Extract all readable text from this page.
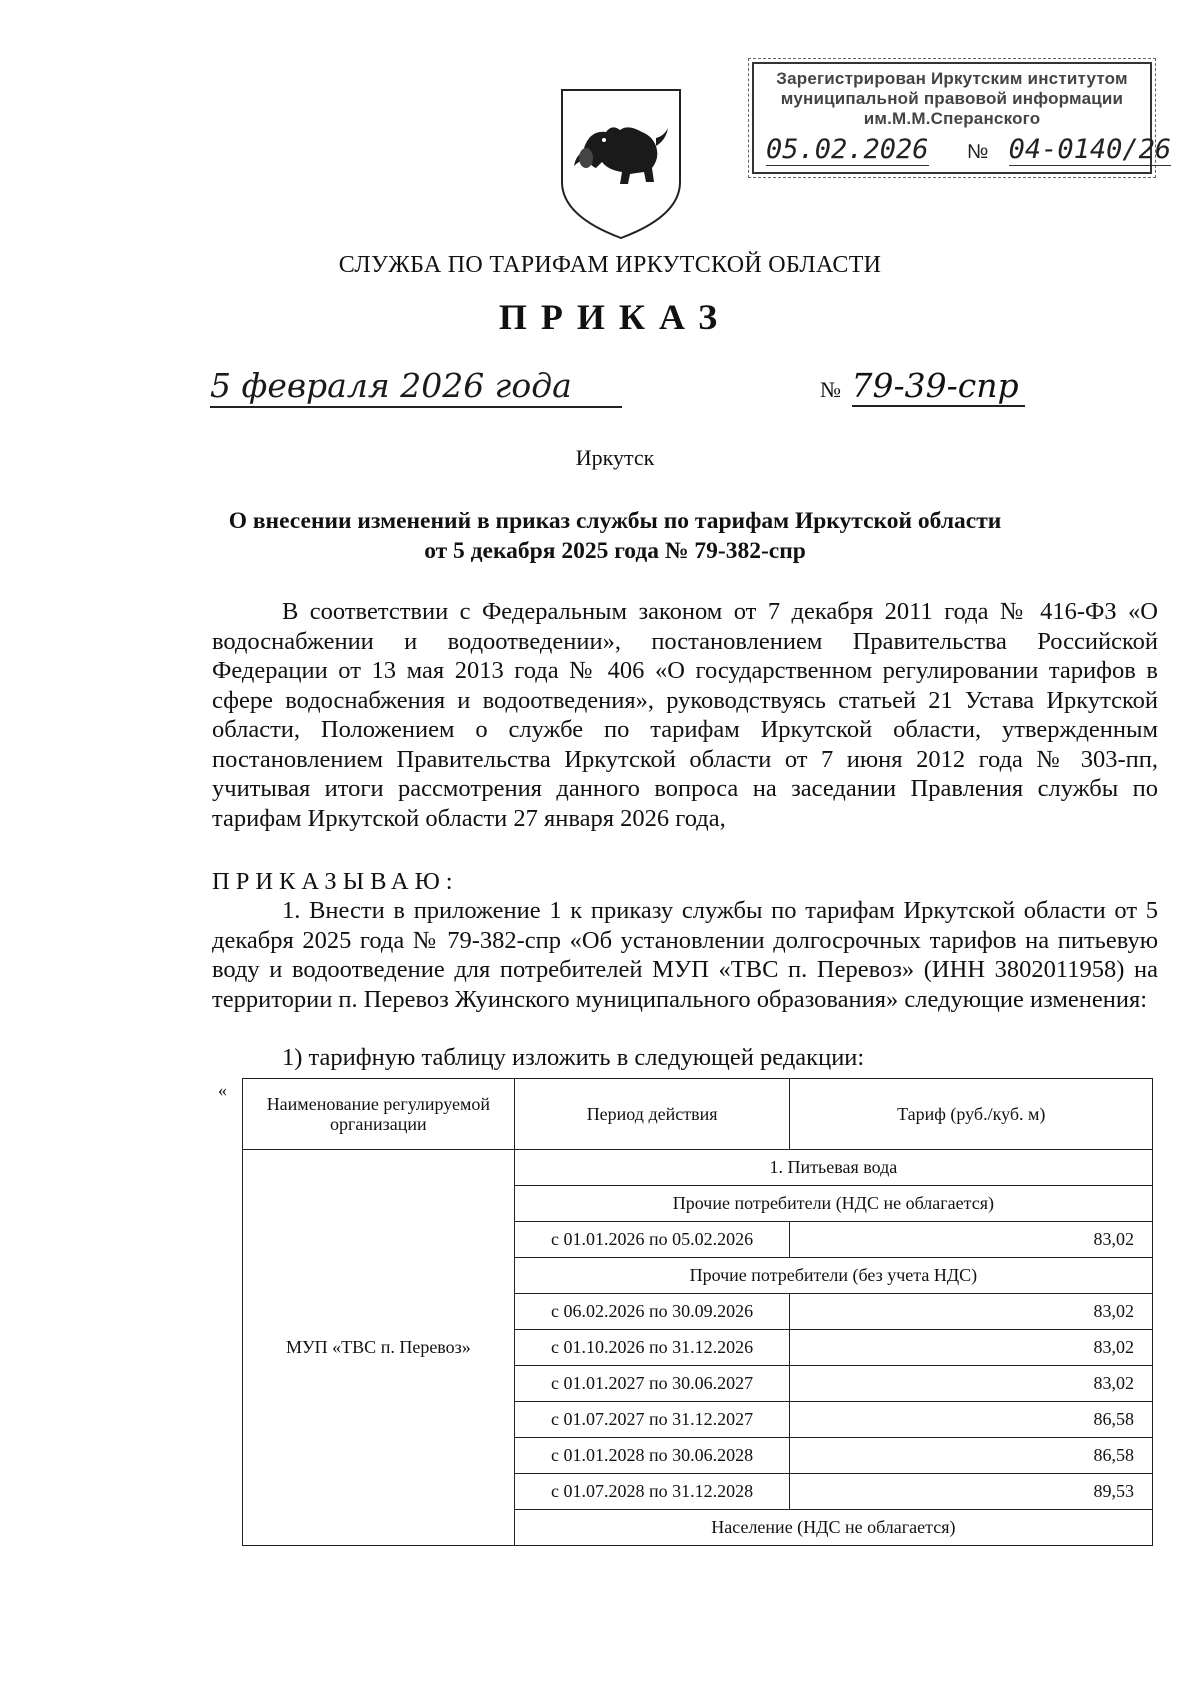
Зарегистрирован Иркутским институтом
муниципальной правовой информации
им.М.М.Сперанского
05.02.2026 № 04-0140/26
СЛУЖБА ПО ТАРИФАМ ИРКУТСКОЙ ОБЛАСТИ
ПРИКАЗ
5 февраля 2026 года	№ 79-39-спр
Иркутск
О внесении изменений в приказ службы по тарифам Иркутской области
от 5 декабря 2025 года № 79-382-спр
В соответствии с Федеральным законом от 7 декабря 2011 года № 416-ФЗ «О водоснабжении и водоотведении», постановлением Правительства Российской Федерации от 13 мая 2013 года № 406 «О государственном регулировании тарифов в сфере водоснабжения и водоотведения», руководствуясь статьей 21 Устава Иркутской области, Положением о службе по тарифам Иркутской области, утвержденным постановлением Правительства Иркутской области от 7 июня 2012 года № 303-пп, учитывая итоги рассмотрения данного вопроса на заседании Правления службы по тарифам Иркутской области 27 января 2026 года,
ПРИКАЗЫВАЮ:
1. Внести в приложение 1 к приказу службы по тарифам Иркутской области от 5 декабря 2025 года № 79-382-спр «Об установлении долгосрочных тарифов на питьевую воду и водоотведение для потребителей МУП «ТВС п. Перевоз» (ИНН 3802011958) на территории п. Перевоз Жуинского муниципального образования» следующие изменения:
1) тарифную таблицу изложить в следующей редакции:
«
Наименование регулируемой организации	Период действия	Тариф (руб./куб. м)
МУП «ТВС п. Перевоз»	1. Питьевая вода	
	Прочие потребители (НДС не облагается)	
	с 01.01.2026 по 05.02.2026	83,02
	Прочие потребители (без учета НДС)	
	с 06.02.2026 по 30.09.2026	83,02
	с 01.10.2026 по 31.12.2026	83,02
	с 01.01.2027 по 30.06.2027	83,02
	с 01.07.2027 по 31.12.2027	86,58
	с 01.01.2028 по 30.06.2028	86,58
	с 01.07.2028 по 31.12.2028	89,53
	Население (НДС не облагается)	
